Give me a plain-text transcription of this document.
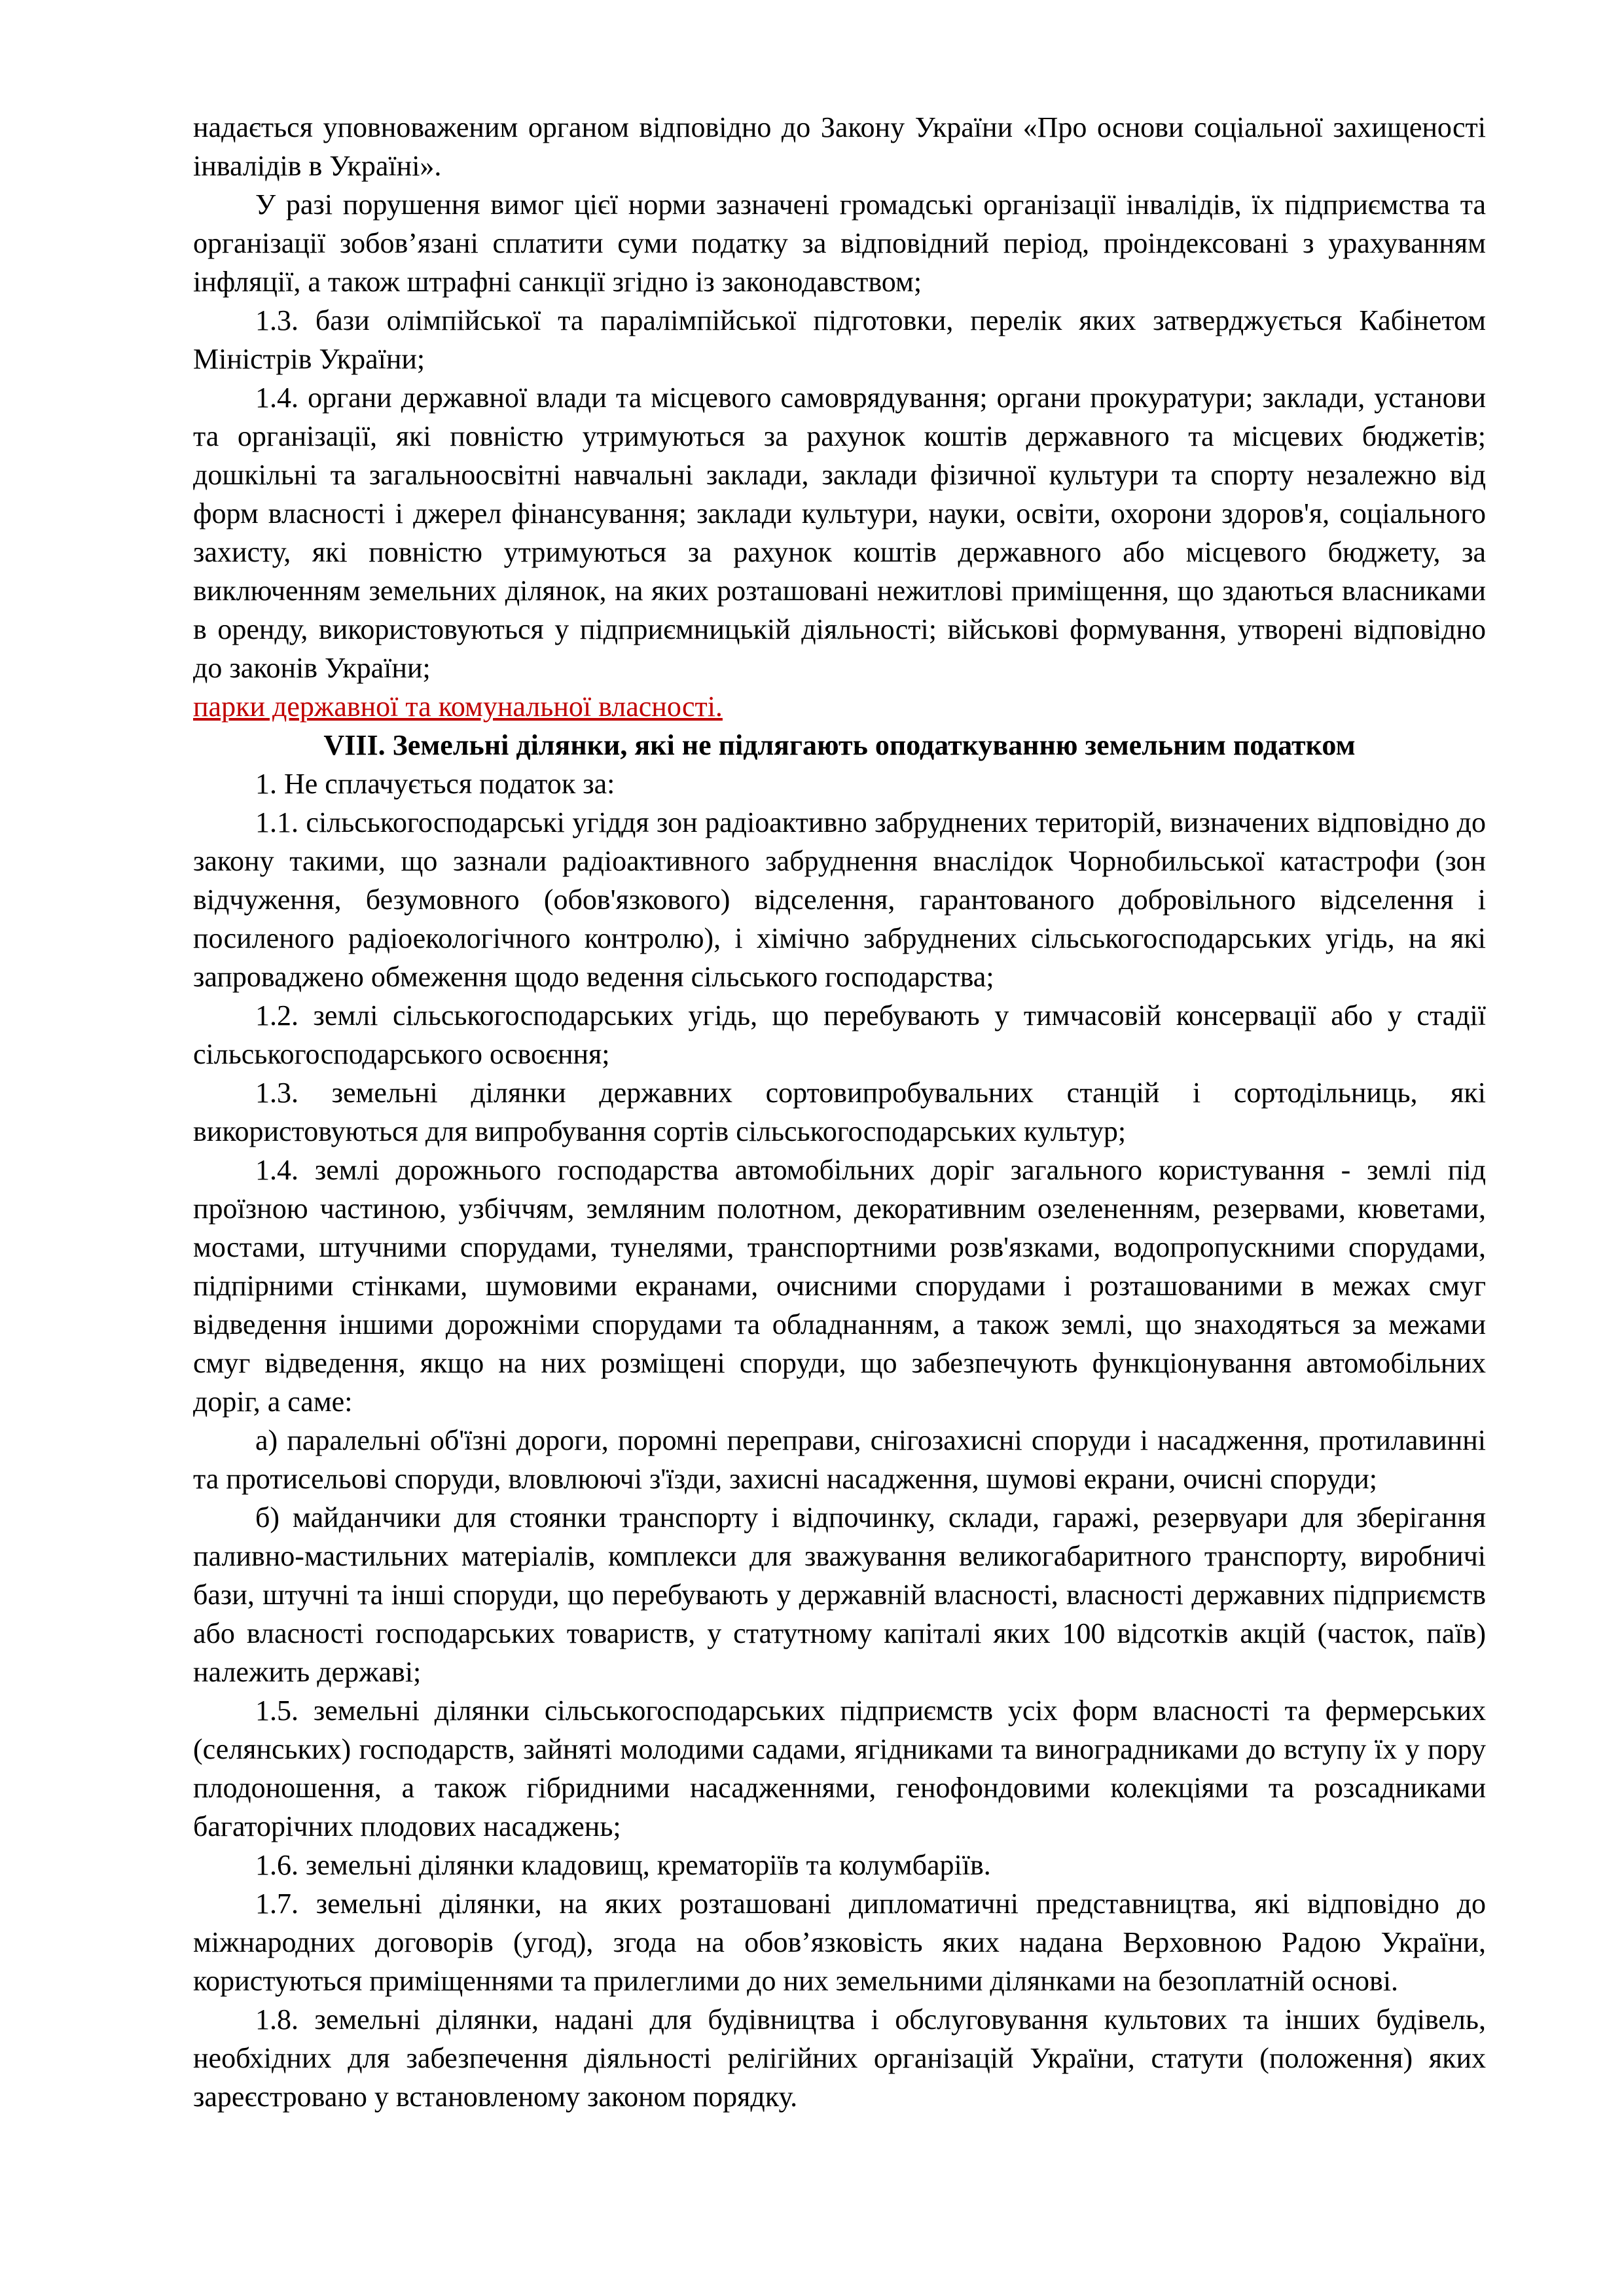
надається уповноваженим органом відповідно до Закону України «Про основи соціальної захищеності інвалідів в Україні».

У разі порушення вимог цієї норми зазначені громадські організації інвалідів, їх підприємства та організації зобов’язані сплатити суми податку за відповідний період, проіндексовані з урахуванням інфляції, а також штрафні санкції згідно із законодавством;

1.3. бази олімпійської та паралімпійської підготовки, перелік яких затверджується Кабінетом Міністрів України;

1.4. органи державної влади та місцевого самоврядування; органи прокуратури; заклади, установи та організації, які повністю утримуються за рахунок коштів державного та місцевих бюджетів; дошкільні та загальноосвітні навчальні заклади, заклади фізичної культури та спорту незалежно від форм власності і джерел фінансування; заклади культури, науки, освіти, охорони здоров'я, соціального захисту, які повністю утримуються за рахунок коштів державного або місцевого бюджету, за виключенням земельних ділянок, на яких розташовані нежитлові приміщення, що здаються власниками в оренду, використовуються у підприємницькій діяльності; військові формування, утворені відповідно до законів України;
парки державної та комунальної власності.

VIII. Земельні ділянки, які не підлягають оподаткуванню земельним податком

1. Не сплачується податок за:

1.1. сільськогосподарські угіддя зон радіоактивно забруднених територій, визначених відповідно до закону такими, що зазнали радіоактивного забруднення внаслідок Чорнобильської катастрофи (зон відчуження, безумовного (обов'язкового) відселення, гарантованого добровільного відселення і посиленого радіоекологічного контролю), і хімічно забруднених сільськогосподарських угідь, на які запроваджено обмеження щодо ведення сільського господарства;

1.2. землі сільськогосподарських угідь, що перебувають у тимчасовій консервації або у стадії сільськогосподарського освоєння;

1.3. земельні ділянки державних сортовипробувальних станцій і сортодільниць, які використовуються для випробування сортів сільськогосподарських культур;

1.4. землі дорожнього господарства автомобільних доріг загального користування - землі під проїзною частиною, узбіччям, земляним полотном, декоративним озелененням, резервами, кюветами, мостами, штучними спорудами, тунелями, транспортними розв'язками, водопропускними спорудами, підпірними стінками, шумовими екранами, очисними спорудами і розташованими в межах смуг відведення іншими дорожніми спорудами та обладнанням, а також землі, що знаходяться за межами смуг відведення, якщо на них розміщені споруди, що забезпечують функціонування автомобільних доріг, а саме:

а) паралельні об'їзні дороги, поромні переправи, снігозахисні споруди і насадження, протилавинні та протисельові споруди, вловлюючі з'їзди, захисні насадження, шумові екрани, очисні споруди;

б) майданчики для стоянки транспорту і відпочинку, склади, гаражі, резервуари для зберігання паливно-мастильних матеріалів, комплекси для зважування великогабаритного транспорту, виробничі бази, штучні та інші споруди, що перебувають у державній власності, власності державних підприємств або власності господарських товариств, у статутному капіталі яких 100 відсотків акцій (часток, паїв) належить державі;

1.5. земельні ділянки сільськогосподарських підприємств усіх форм власності та фермерських (селянських) господарств, зайняті молодими садами, ягідниками та виноградниками до вступу їх у пору плодоношення, а також гібридними насадженнями, генофондовими колекціями та розсадниками багаторічних плодових насаджень;

1.6. земельні ділянки кладовищ, крематоріїв та колумбаріїв.

1.7. земельні ділянки, на яких розташовані дипломатичні представництва, які відповідно до міжнародних договорів (угод), згода на обов’язковість яких надана Верховною Радою України, користуються приміщеннями та прилеглими до них земельними ділянками на безоплатній основі.

1.8. земельні ділянки, надані для будівництва і обслуговування культових та інших будівель, необхідних для забезпечення діяльності релігійних організацій України, статути (положення) яких зареєстровано у встановленому законом порядку.
